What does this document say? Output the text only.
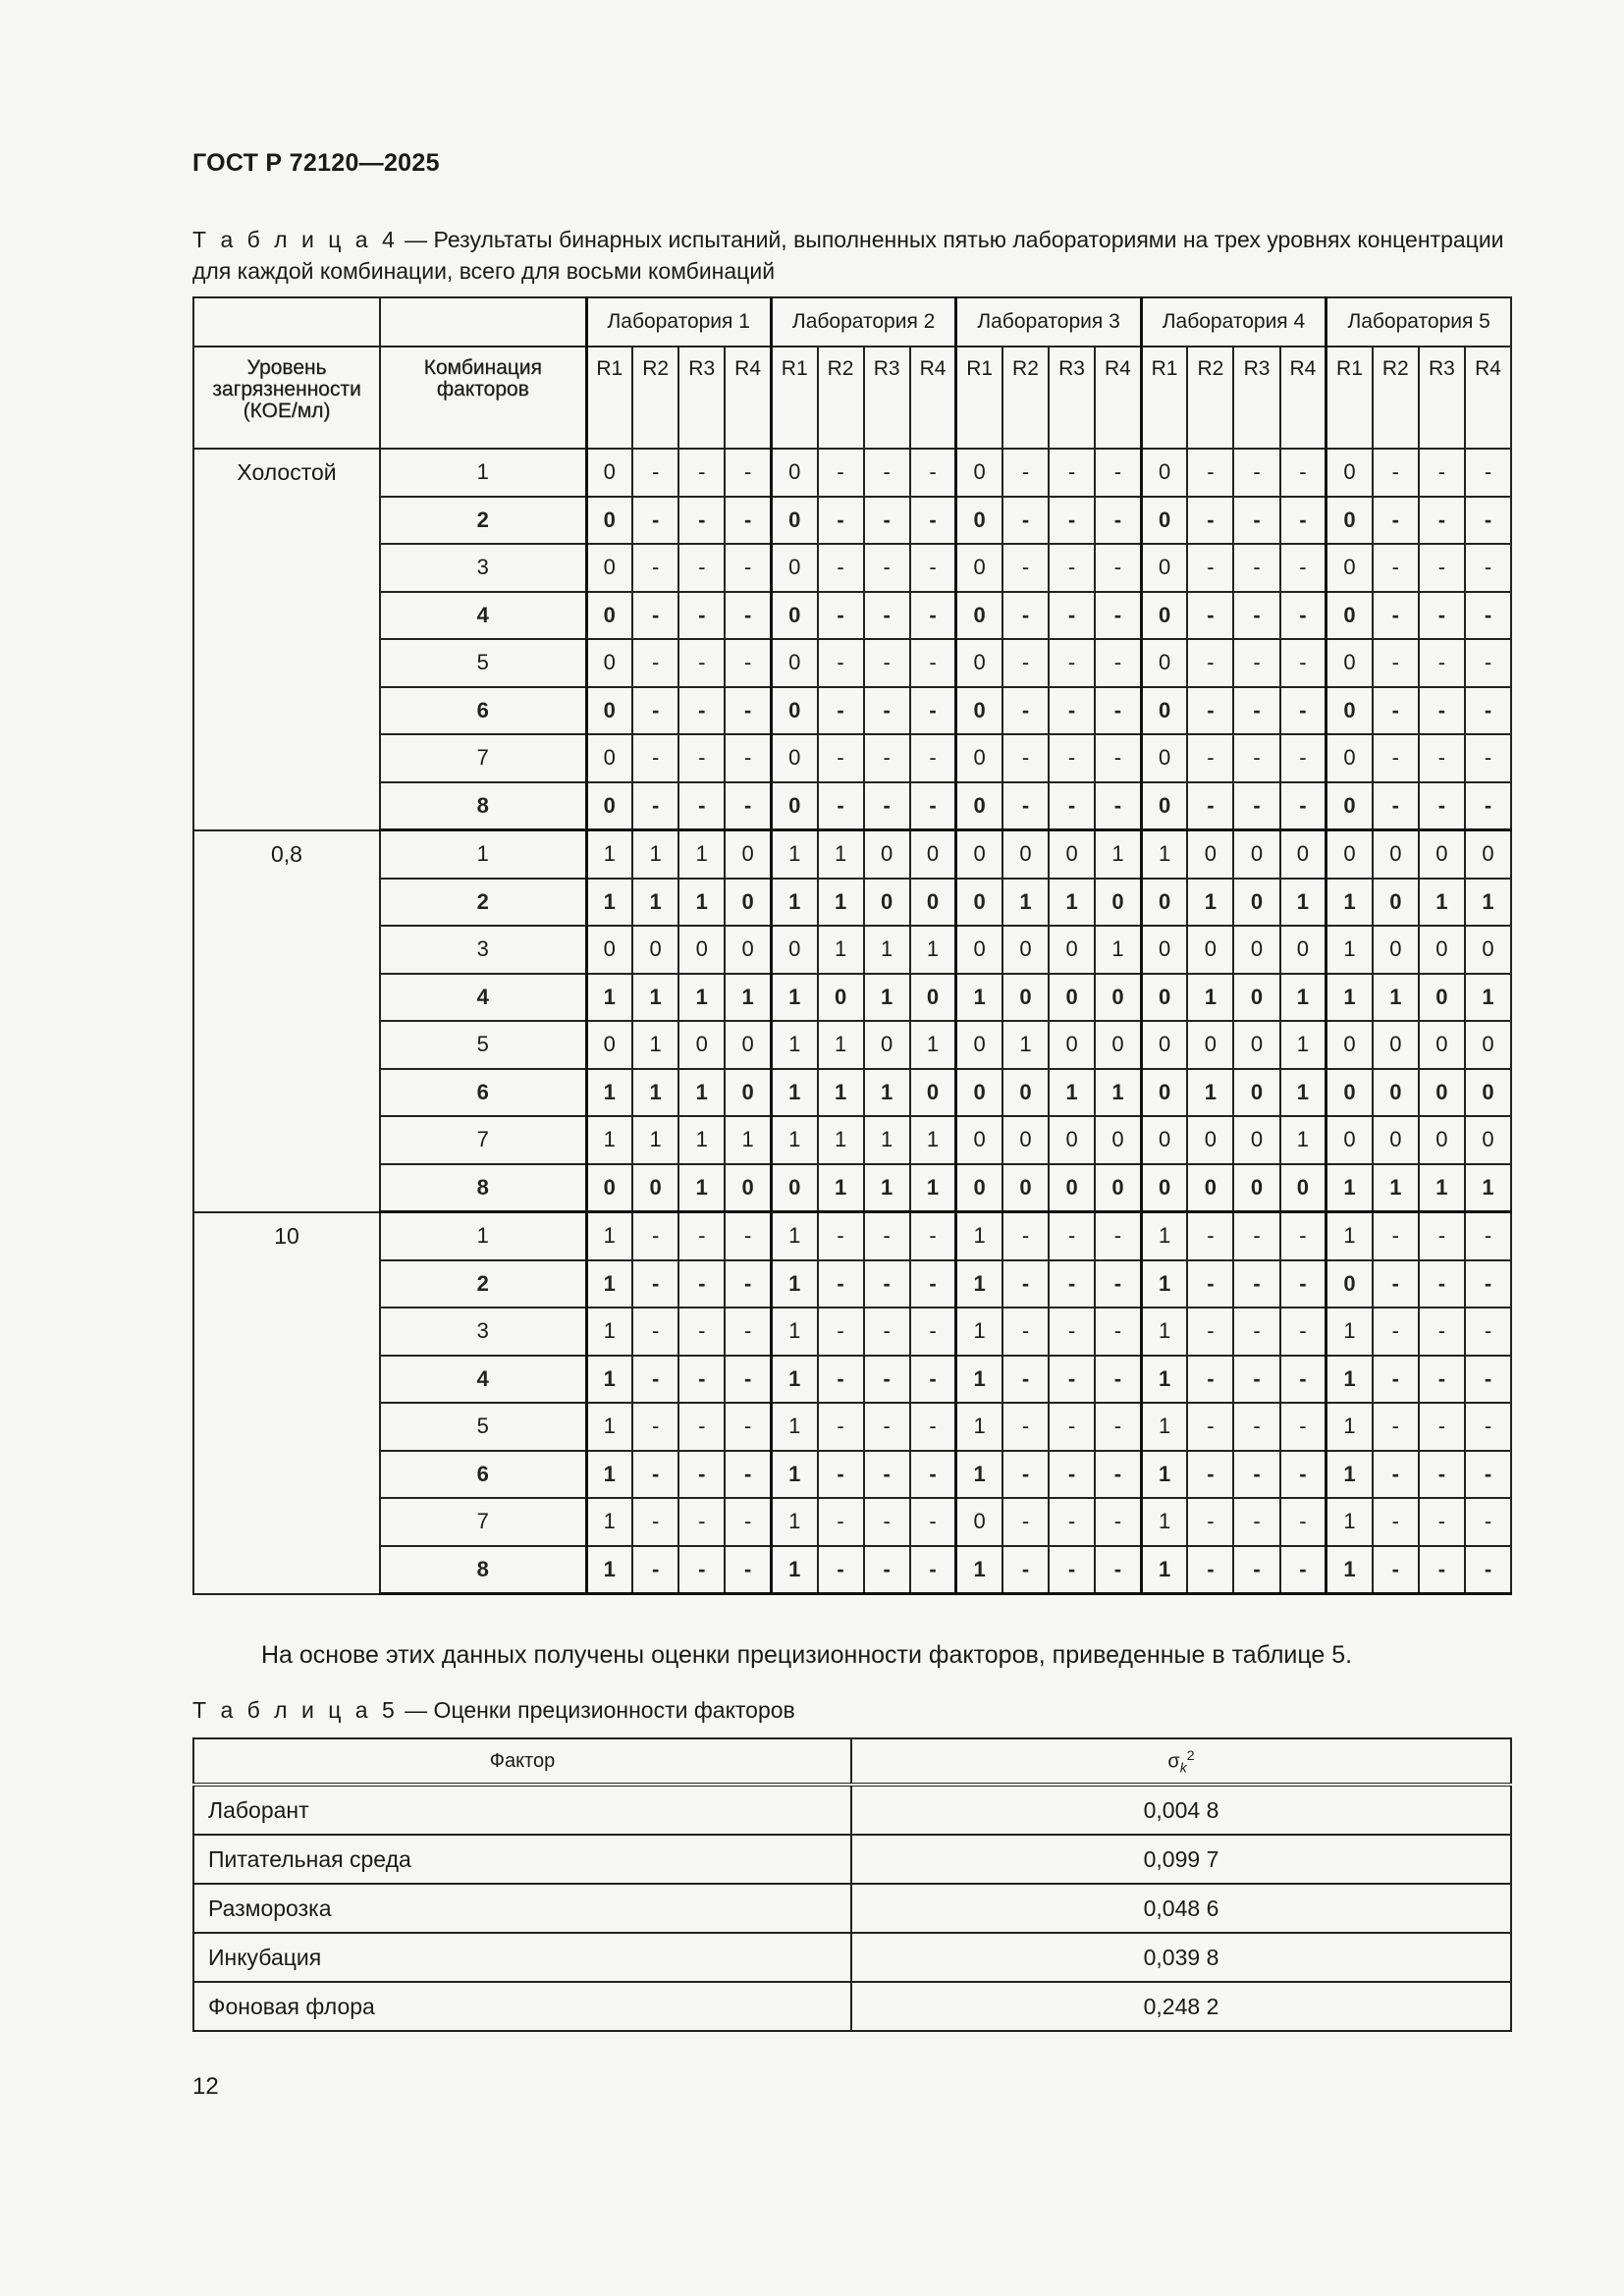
ГОСТ Р 72120—2025
Т а б л и ц а 4 — Результаты бинарных испытаний, выполненных пятью лабораториями на трех уровнях концентрации для каждой комбинации, всего для восьми комбинаций
		Лаборатория 1				Лаборатория 2				Лаборатория 3				Лаборатория 4				Лаборатория 5			
Уровень загрязненности (КОЕ/мл)	Комбинация факторов	R1	R2	R3	R4	R1	R2	R3	R4	R1	R2	R3	R4	R1	R2	R3	R4	R1	R2	R3	R4
Холостой	1	0	-	-	-	0	-	-	-	0	-	-	-	0	-	-	-	0	-	-	-
	2	0	-	-	-	0	-	-	-	0	-	-	-	0	-	-	-	0	-	-	-
	3	0	-	-	-	0	-	-	-	0	-	-	-	0	-	-	-	0	-	-	-
	4	0	-	-	-	0	-	-	-	0	-	-	-	0	-	-	-	0	-	-	-
	5	0	-	-	-	0	-	-	-	0	-	-	-	0	-	-	-	0	-	-	-
	6	0	-	-	-	0	-	-	-	0	-	-	-	0	-	-	-	0	-	-	-
	7	0	-	-	-	0	-	-	-	0	-	-	-	0	-	-	-	0	-	-	-
	8	0	-	-	-	0	-	-	-	0	-	-	-	0	-	-	-	0	-	-	-
0,8	1	1	1	1	0	1	1	0	0	0	0	0	1	1	0	0	0	0	0	0	0
	2	1	1	1	0	1	1	0	0	0	1	1	0	0	1	0	1	1	0	1	1
	3	0	0	0	0	0	1	1	1	0	0	0	1	0	0	0	0	1	0	0	0
	4	1	1	1	1	1	0	1	0	1	0	0	0	0	1	0	1	1	1	0	1
	5	0	1	0	0	1	1	0	1	0	1	0	0	0	0	0	1	0	0	0	0
	6	1	1	1	0	1	1	1	0	0	0	1	1	0	1	0	1	0	0	0	0
	7	1	1	1	1	1	1	1	1	0	0	0	0	0	0	0	1	0	0	0	0
	8	0	0	1	0	0	1	1	1	0	0	0	0	0	0	0	0	1	1	1	1
10	1	1	-	-	-	1	-	-	-	1	-	-	-	1	-	-	-	1	-	-	-
	2	1	-	-	-	1	-	-	-	1	-	-	-	1	-	-	-	0	-	-	-
	3	1	-	-	-	1	-	-	-	1	-	-	-	1	-	-	-	1	-	-	-
	4	1	-	-	-	1	-	-	-	1	-	-	-	1	-	-	-	1	-	-	-
	5	1	-	-	-	1	-	-	-	1	-	-	-	1	-	-	-	1	-	-	-
	6	1	-	-	-	1	-	-	-	1	-	-	-	1	-	-	-	1	-	-	-
	7	1	-	-	-	1	-	-	-	0	-	-	-	1	-	-	-	1	-	-	-
	8	1	-	-	-	1	-	-	-	1	-	-	-	1	-	-	-	1	-	-	-
На основе этих данных получены оценки прецизионности факторов, приведенные в таблице 5.
Т а б л и ц а 5 — Оценки прецизионности факторов
Фактор	$\sigma_k^2$
Лаборант	0,004 8
Питательная среда	0,099 7
Разморозка	0,048 6
Инкубация	0,039 8
Фоновая флора	0,248 2
12
